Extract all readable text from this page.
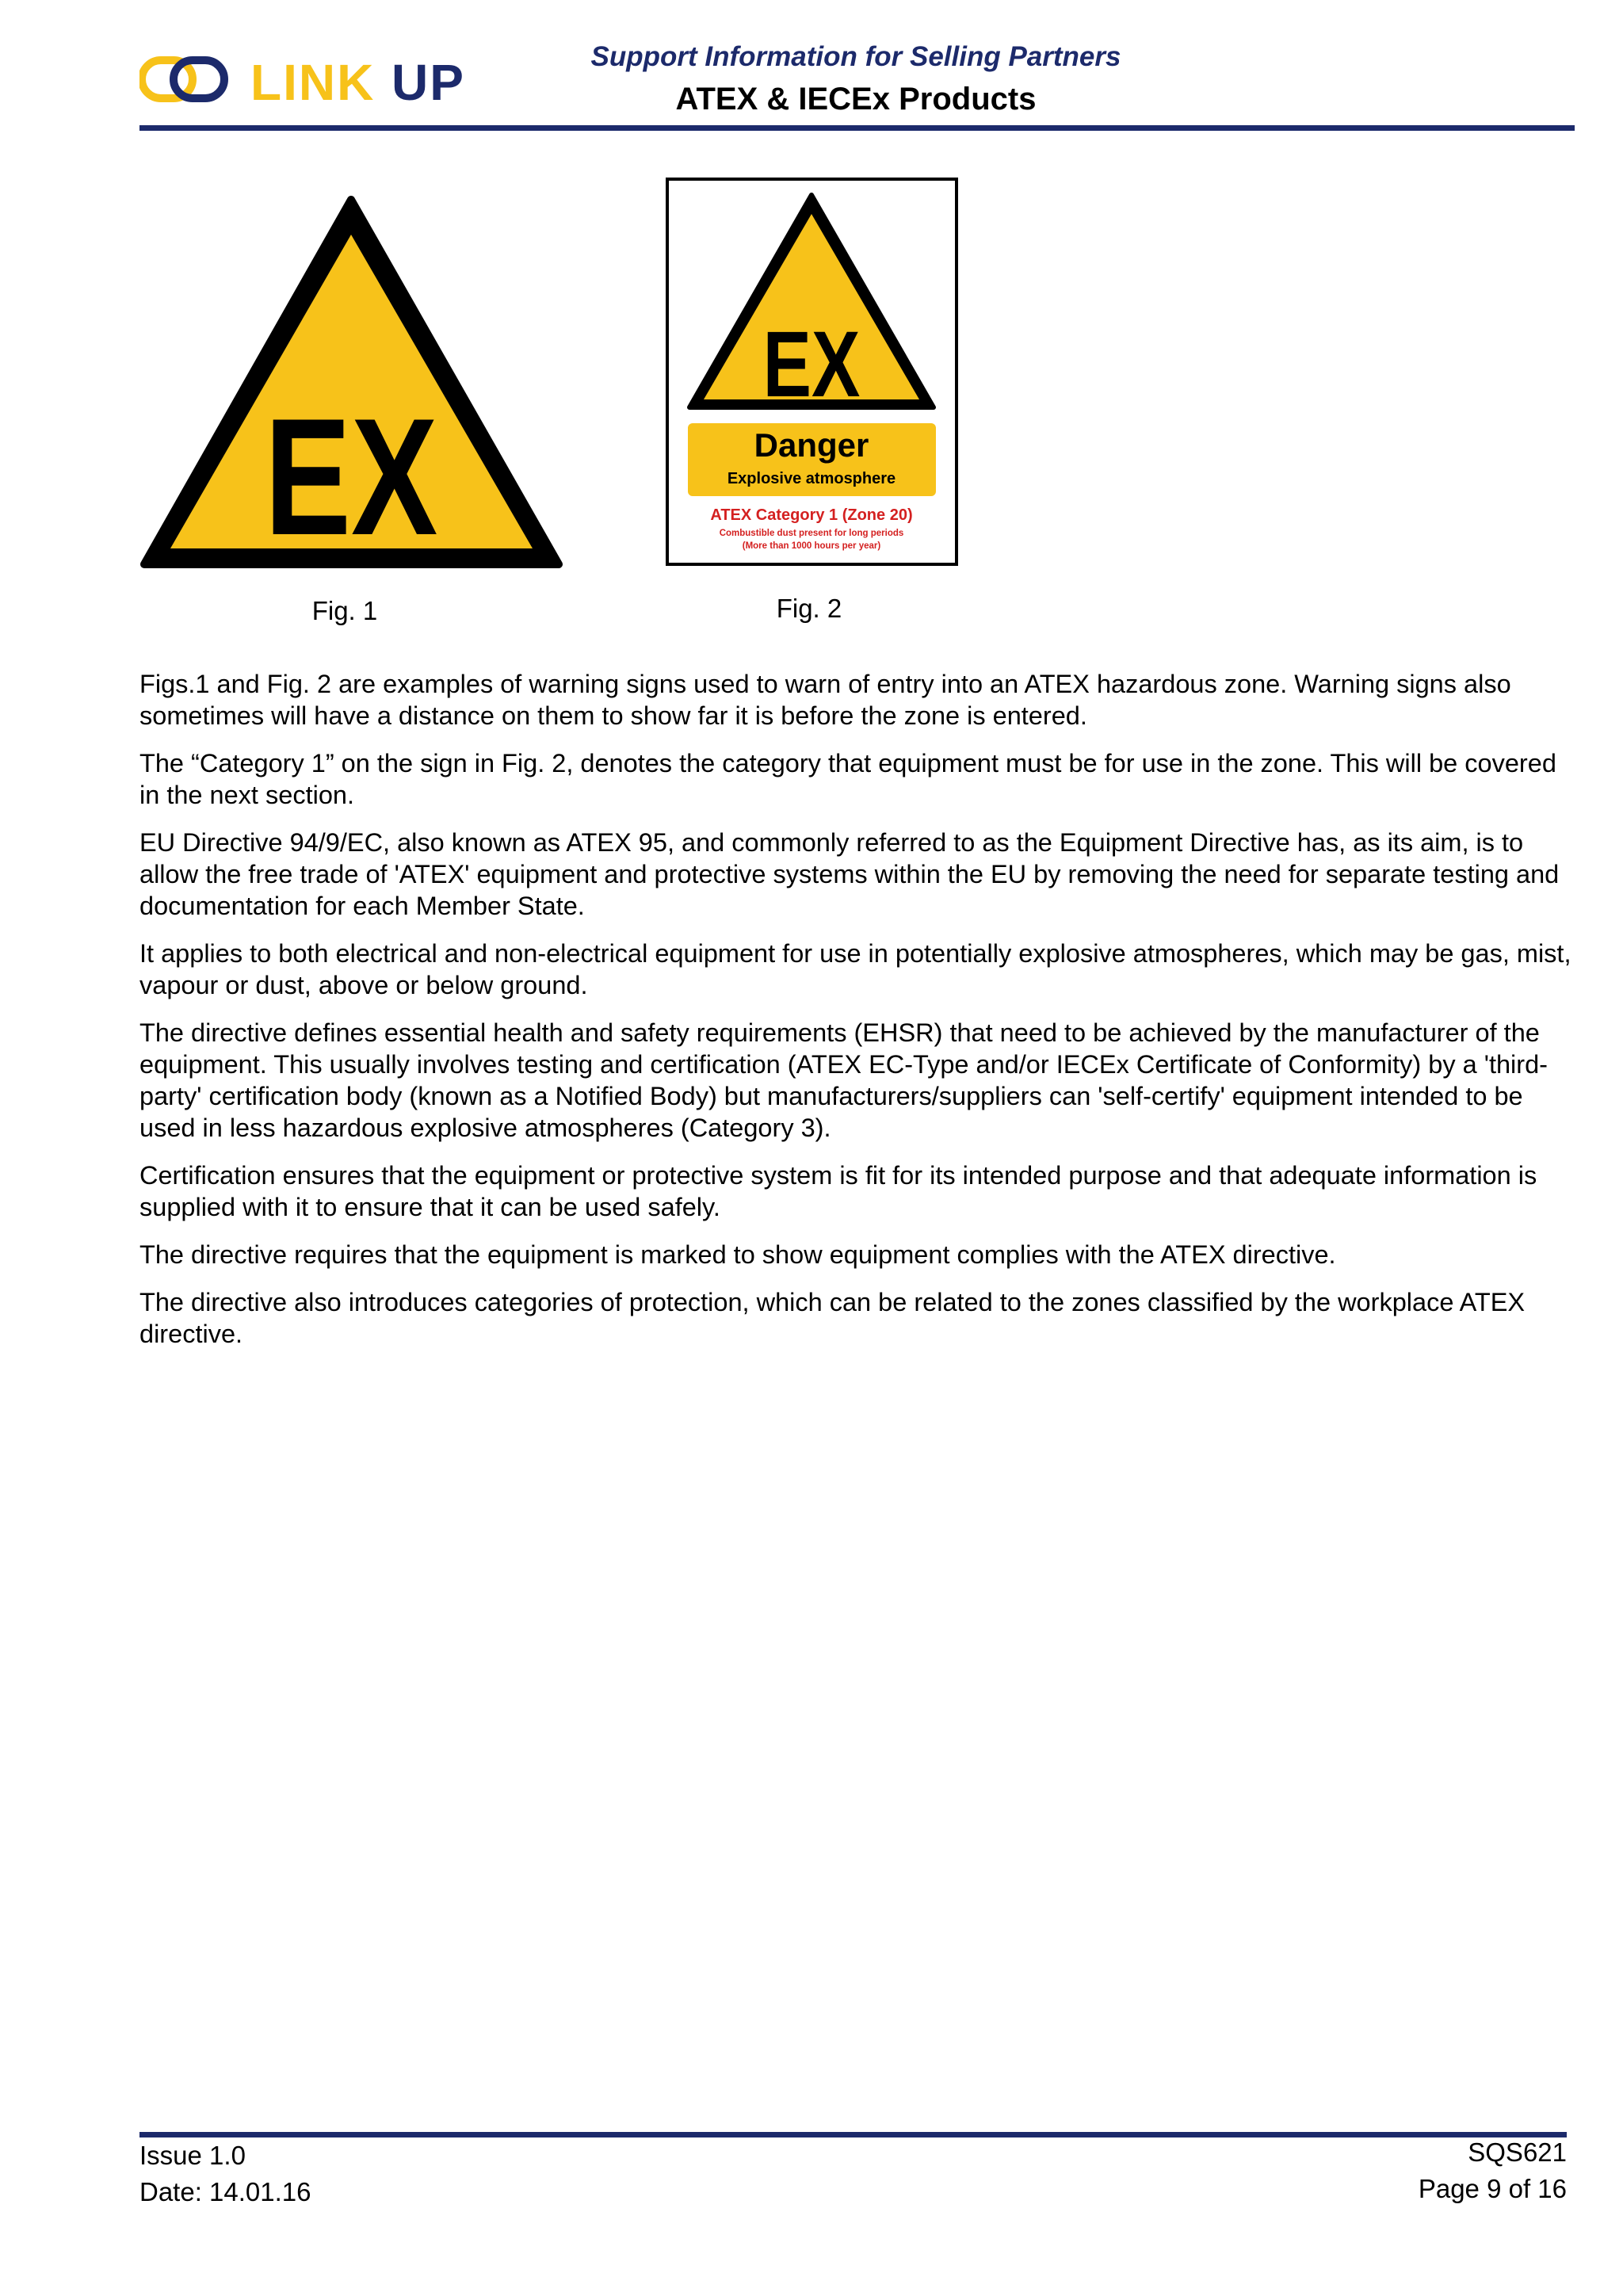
LINK UP	Support Information for Selling Partners
ATEX & IECEx Products
EX
Fig. 1
EX
Danger
Explosive atmosphere
ATEX Category 1 (Zone 20)
Combustible dust present for long periods
(More than 1000 hours per year)
Fig. 2

Figs.1 and Fig. 2 are examples of warning signs used to warn of entry into an ATEX hazardous zone. Warning signs also sometimes will have a distance on them to show far it is before the zone is entered.

The “Category 1” on the sign in Fig. 2, denotes the category that equipment must be for use in the zone. This will be covered in the next section.

EU Directive 94/9/EC, also known as ATEX 95, and commonly referred to as the Equipment Directive has, as its aim, is to allow the free trade of 'ATEX' equipment and protective systems within the EU by removing the need for separate testing and documentation for each Member State.

It applies to both electrical and non-electrical equipment for use in potentially explosive atmospheres, which may be gas, mist, vapour or dust, above or below ground.

The directive defines essential health and safety requirements (EHSR) that need to be achieved by the manufacturer of the equipment. This usually involves testing and certification (ATEX EC-Type and/or IECEx Certificate of Conformity) by a 'third-party' certification body (known as a Notified Body) but manufacturers/suppliers can 'self-certify' equipment intended to be used in less hazardous explosive atmospheres (Category 3).

Certification ensures that the equipment or protective system is fit for its intended purpose and that adequate information is supplied with it to ensure that it can be used safely.

The directive requires that the equipment is marked to show equipment complies with the ATEX directive.

The directive also introduces categories of protection, which can be related to the zones classified by the workplace ATEX directive.

Issue 1.0
Date: 14.01.16
SQS621
Page 9 of 16
